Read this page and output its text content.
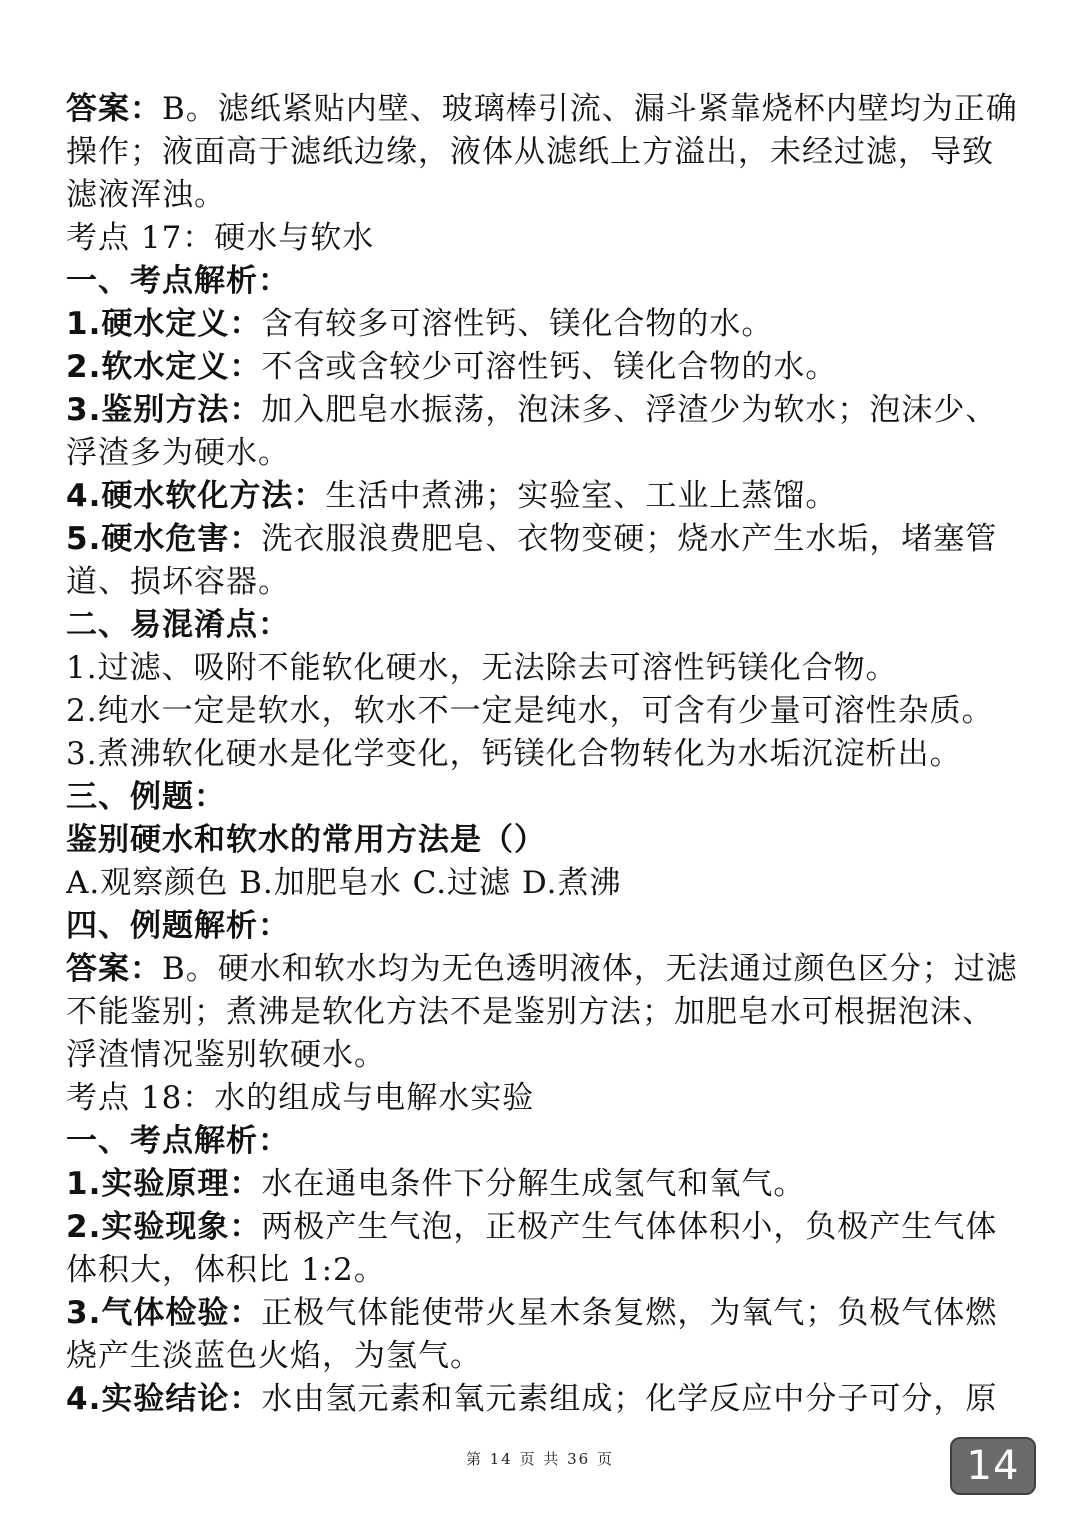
答案：B。滤纸紧贴内壁、玻璃棒引流、漏斗紧靠烧杯内壁均为正确
操作；液面高于滤纸边缘，液体从滤纸上方溢出，未经过滤，导致
滤液浑浊。
考点 17：硬水与软水
一、考点解析：
1.硬水定义：含有较多可溶性钙、镁化合物的水。
2.软水定义：不含或含较少可溶性钙、镁化合物的水。
3.鉴别方法：加入肥皂水振荡，泡沫多、浮渣少为软水；泡沫少、
浮渣多为硬水。
4.硬水软化方法：生活中煮沸；实验室、工业上蒸馏。
5.硬水危害：洗衣服浪费肥皂、衣物变硬；烧水产生水垢，堵塞管
道、损坏容器。
二、易混淆点：
1.过滤、吸附不能软化硬水，无法除去可溶性钙镁化合物。
2.纯水一定是软水，软水不一定是纯水，可含有少量可溶性杂质。
3.煮沸软化硬水是化学变化，钙镁化合物转化为水垢沉淀析出。
三、例题：
鉴别硬水和软水的常用方法是（）
A.观察颜色 B.加肥皂水 C.过滤 D.煮沸
四、例题解析：
答案：B。硬水和软水均为无色透明液体，无法通过颜色区分；过滤
不能鉴别；煮沸是软化方法不是鉴别方法；加肥皂水可根据泡沫、
浮渣情况鉴别软硬水。
考点 18：水的组成与电解水实验
一、考点解析：
1.实验原理：水在通电条件下分解生成氢气和氧气。
2.实验现象：两极产生气泡，正极产生气体体积小，负极产生气体
体积大，体积比 1:2。
3.气体检验：正极气体能使带火星木条复燃，为氧气；负极气体燃
烧产生淡蓝色火焰，为氢气。
4.实验结论：水由氢元素和氧元素组成；化学反应中分子可分，原
第 14 页 共 36 页	14
